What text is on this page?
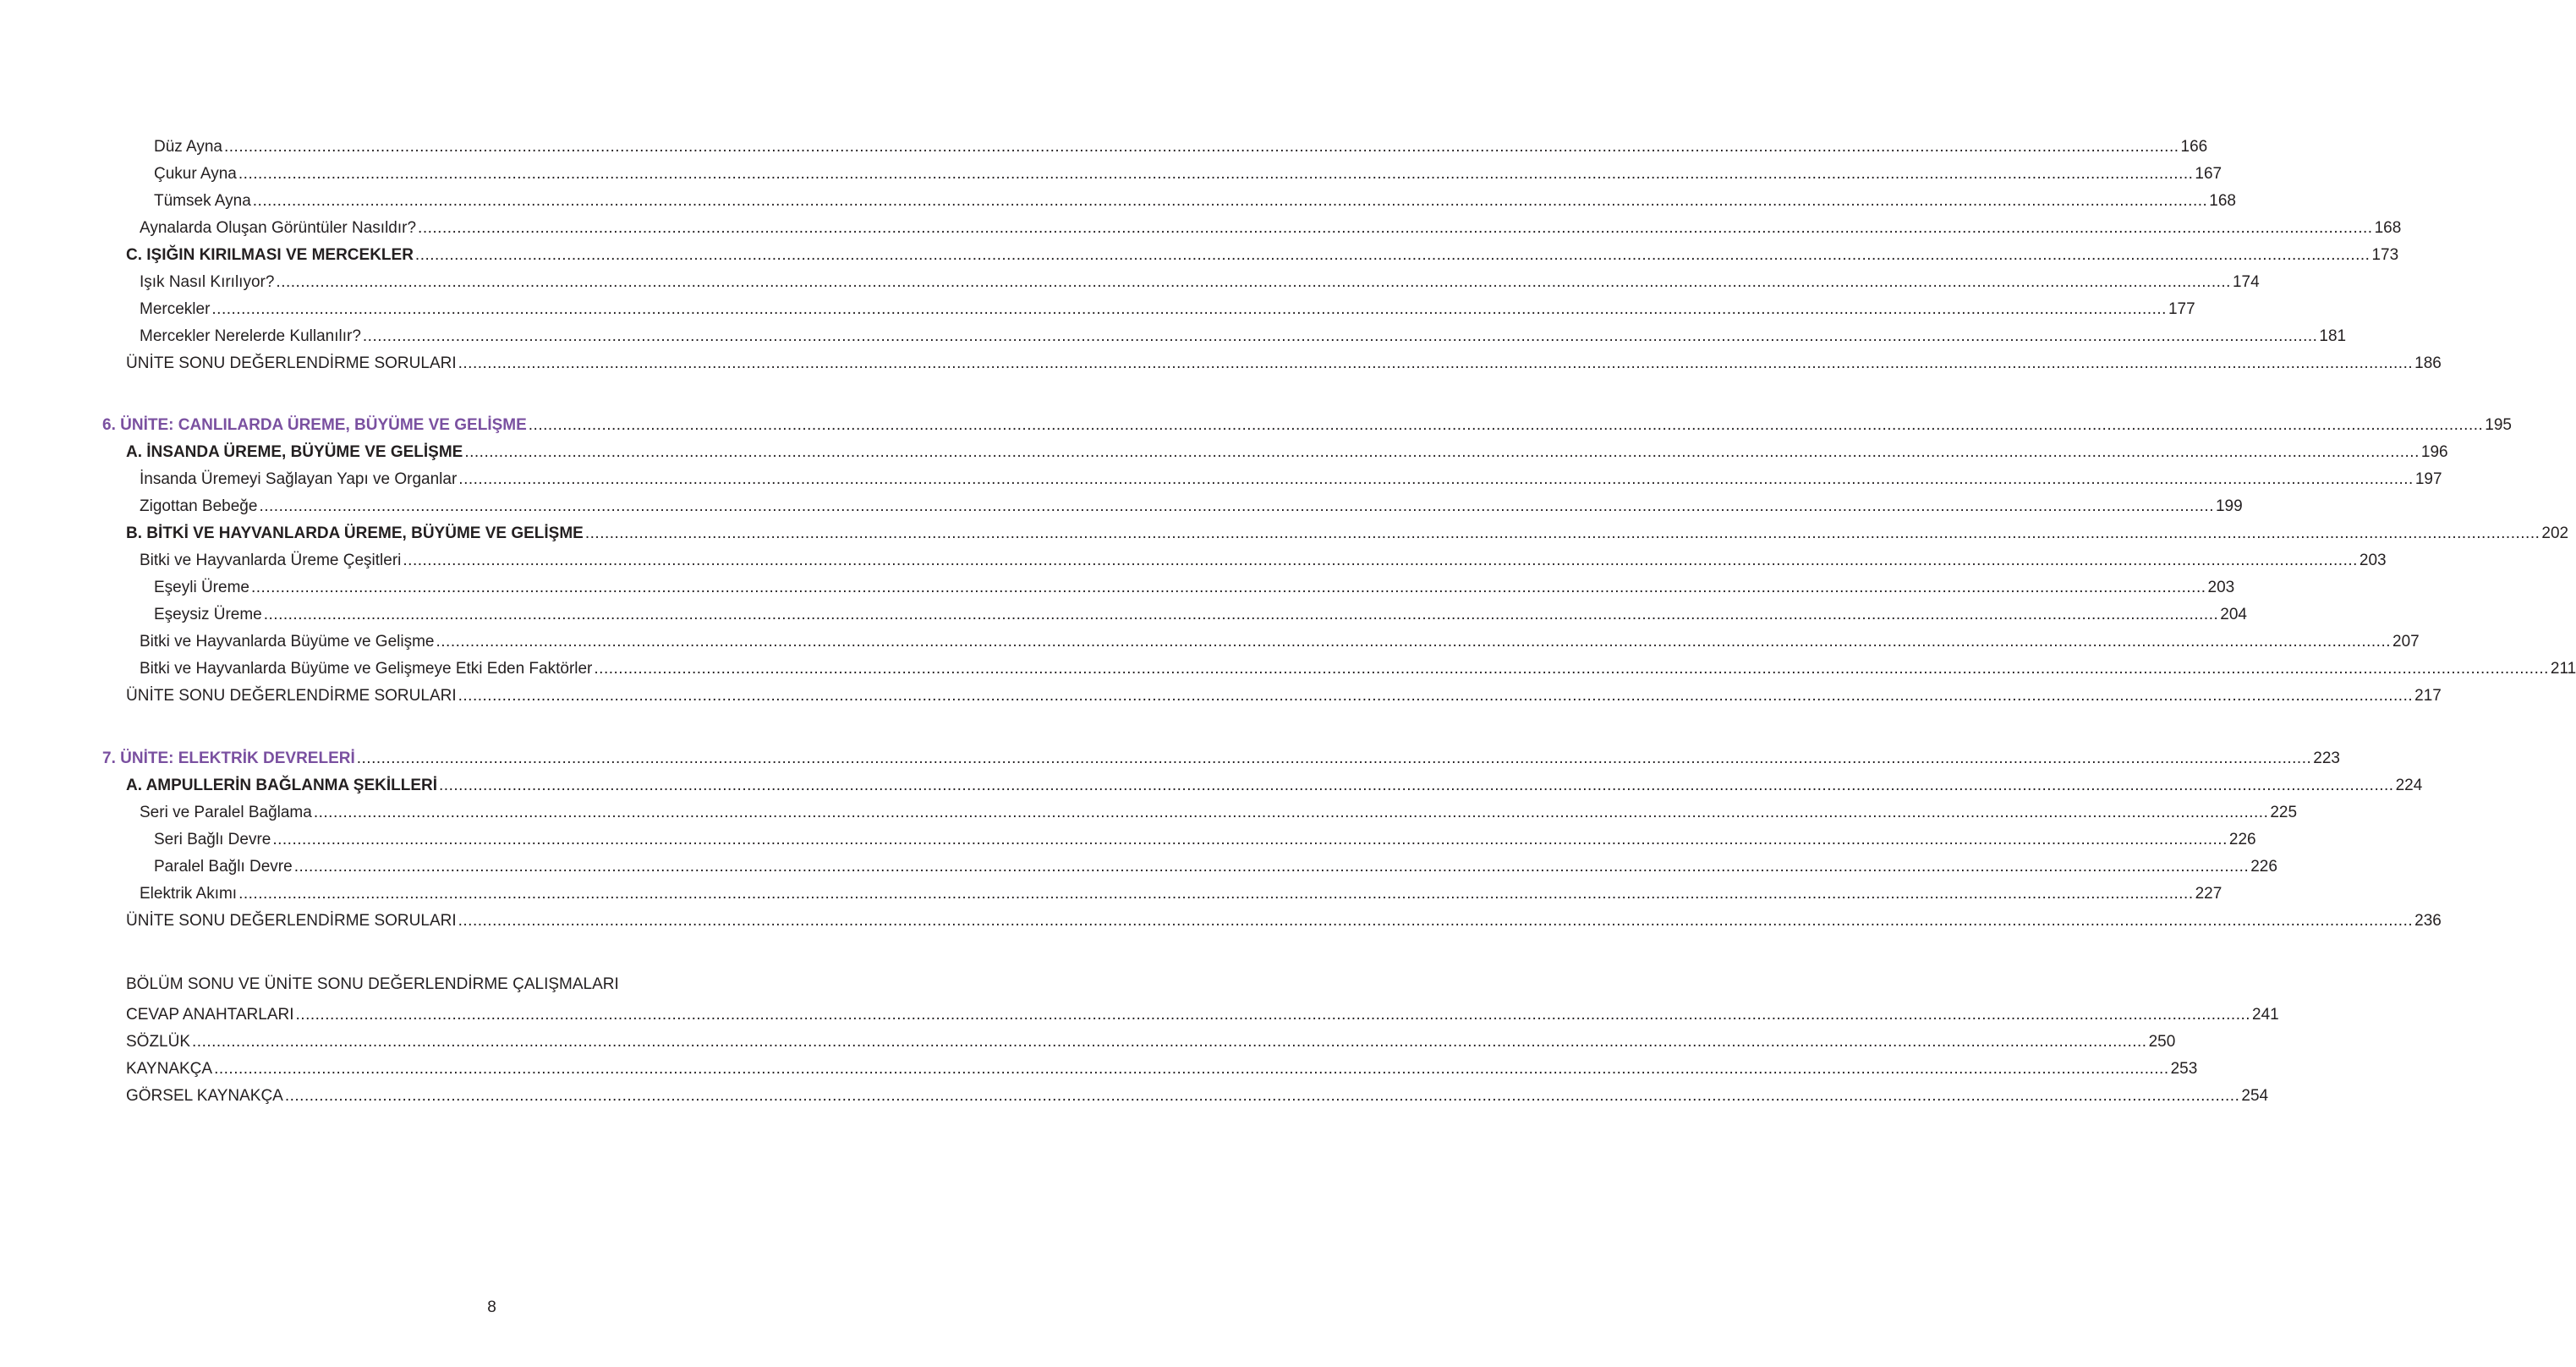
Düz Ayna ................................................................................................................................................................................................................................................................................................................................................................................................................ 166
Çukur Ayna ................................................................................................................................................................................................................................................................................................................................................................................................................ 167
Tümsek Ayna ................................................................................................................................................................................................................................................................................................................................................................................................................ 168
Aynalarda Oluşan Görüntüler Nasıldır? ................................................................................................................................................................................................................................................................................................................................................................................................................ 168
C. IŞIĞIN KIRILMASI VE MERCEKLER ................................................................................................................................................................................................................................................................................................................................................................................................................ 173
Işık Nasıl Kırılıyor? ................................................................................................................................................................................................................................................................................................................................................................................................................ 174
Mercekler ................................................................................................................................................................................................................................................................................................................................................................................................................ 177
Mercekler Nerelerde Kullanılır? ................................................................................................................................................................................................................................................................................................................................................................................................................ 181
ÜNİTE SONU DEĞERLENDİRME SORULARI ................................................................................................................................................................................................................................................................................................................................................................................................................ 186
6. ÜNİTE: CANLILARDA ÜREME, BÜYÜME VE GELİŞME ................................................................................................................................................................................................................................................................................................................................................................................................................ 195
A. İNSANDA ÜREME, BÜYÜME VE GELİŞME ................................................................................................................................................................................................................................................................................................................................................................................................................ 196
İnsanda Üremeyi Sağlayan Yapı ve Organlar ................................................................................................................................................................................................................................................................................................................................................................................................................ 197
Zigottan Bebeğe ................................................................................................................................................................................................................................................................................................................................................................................................................ 199
B. BİTKİ VE HAYVANLARDA ÜREME, BÜYÜME VE GELİŞME ................................................................................................................................................................................................................................................................................................................................................................................................................ 202
Bitki ve Hayvanlarda Üreme Çeşitleri ................................................................................................................................................................................................................................................................................................................................................................................................................ 203
Eşeyli Üreme ................................................................................................................................................................................................................................................................................................................................................................................................................ 203
Eşeysiz Üreme ................................................................................................................................................................................................................................................................................................................................................................................................................ 204
Bitki ve Hayvanlarda Büyüme ve Gelişme ................................................................................................................................................................................................................................................................................................................................................................................................................ 207
Bitki ve Hayvanlarda Büyüme ve Gelişmeye Etki Eden Faktörler ................................................................................................................................................................................................................................................................................................................................................................................................................ 211
ÜNİTE SONU DEĞERLENDİRME SORULARI ................................................................................................................................................................................................................................................................................................................................................................................................................ 217
7. ÜNİTE: ELEKTRİK DEVRELERİ ................................................................................................................................................................................................................................................................................................................................................................................................................ 223
A. AMPULLERİN BAĞLANMA ŞEKİLLERİ ................................................................................................................................................................................................................................................................................................................................................................................................................ 224
Seri ve Paralel Bağlama ................................................................................................................................................................................................................................................................................................................................................................................................................ 225
Seri Bağlı Devre ................................................................................................................................................................................................................................................................................................................................................................................................................ 226
Paralel Bağlı Devre ................................................................................................................................................................................................................................................................................................................................................................................................................ 226
Elektrik Akımı ................................................................................................................................................................................................................................................................................................................................................................................................................ 227
ÜNİTE SONU DEĞERLENDİRME SORULARI ................................................................................................................................................................................................................................................................................................................................................................................................................ 236
BÖLÜM SONU VE ÜNİTE SONU DEĞERLENDİRME ÇALIŞMALARI
CEVAP ANAHTARLARI ................................................................................................................................................................................................................................................................................................................................................................................................................ 241
SÖZLÜK ................................................................................................................................................................................................................................................................................................................................................................................................................ 250
KAYNAKÇA ................................................................................................................................................................................................................................................................................................................................................................................................................ 253
GÖRSEL KAYNAKÇA ................................................................................................................................................................................................................................................................................................................................................................................................................ 254
8
